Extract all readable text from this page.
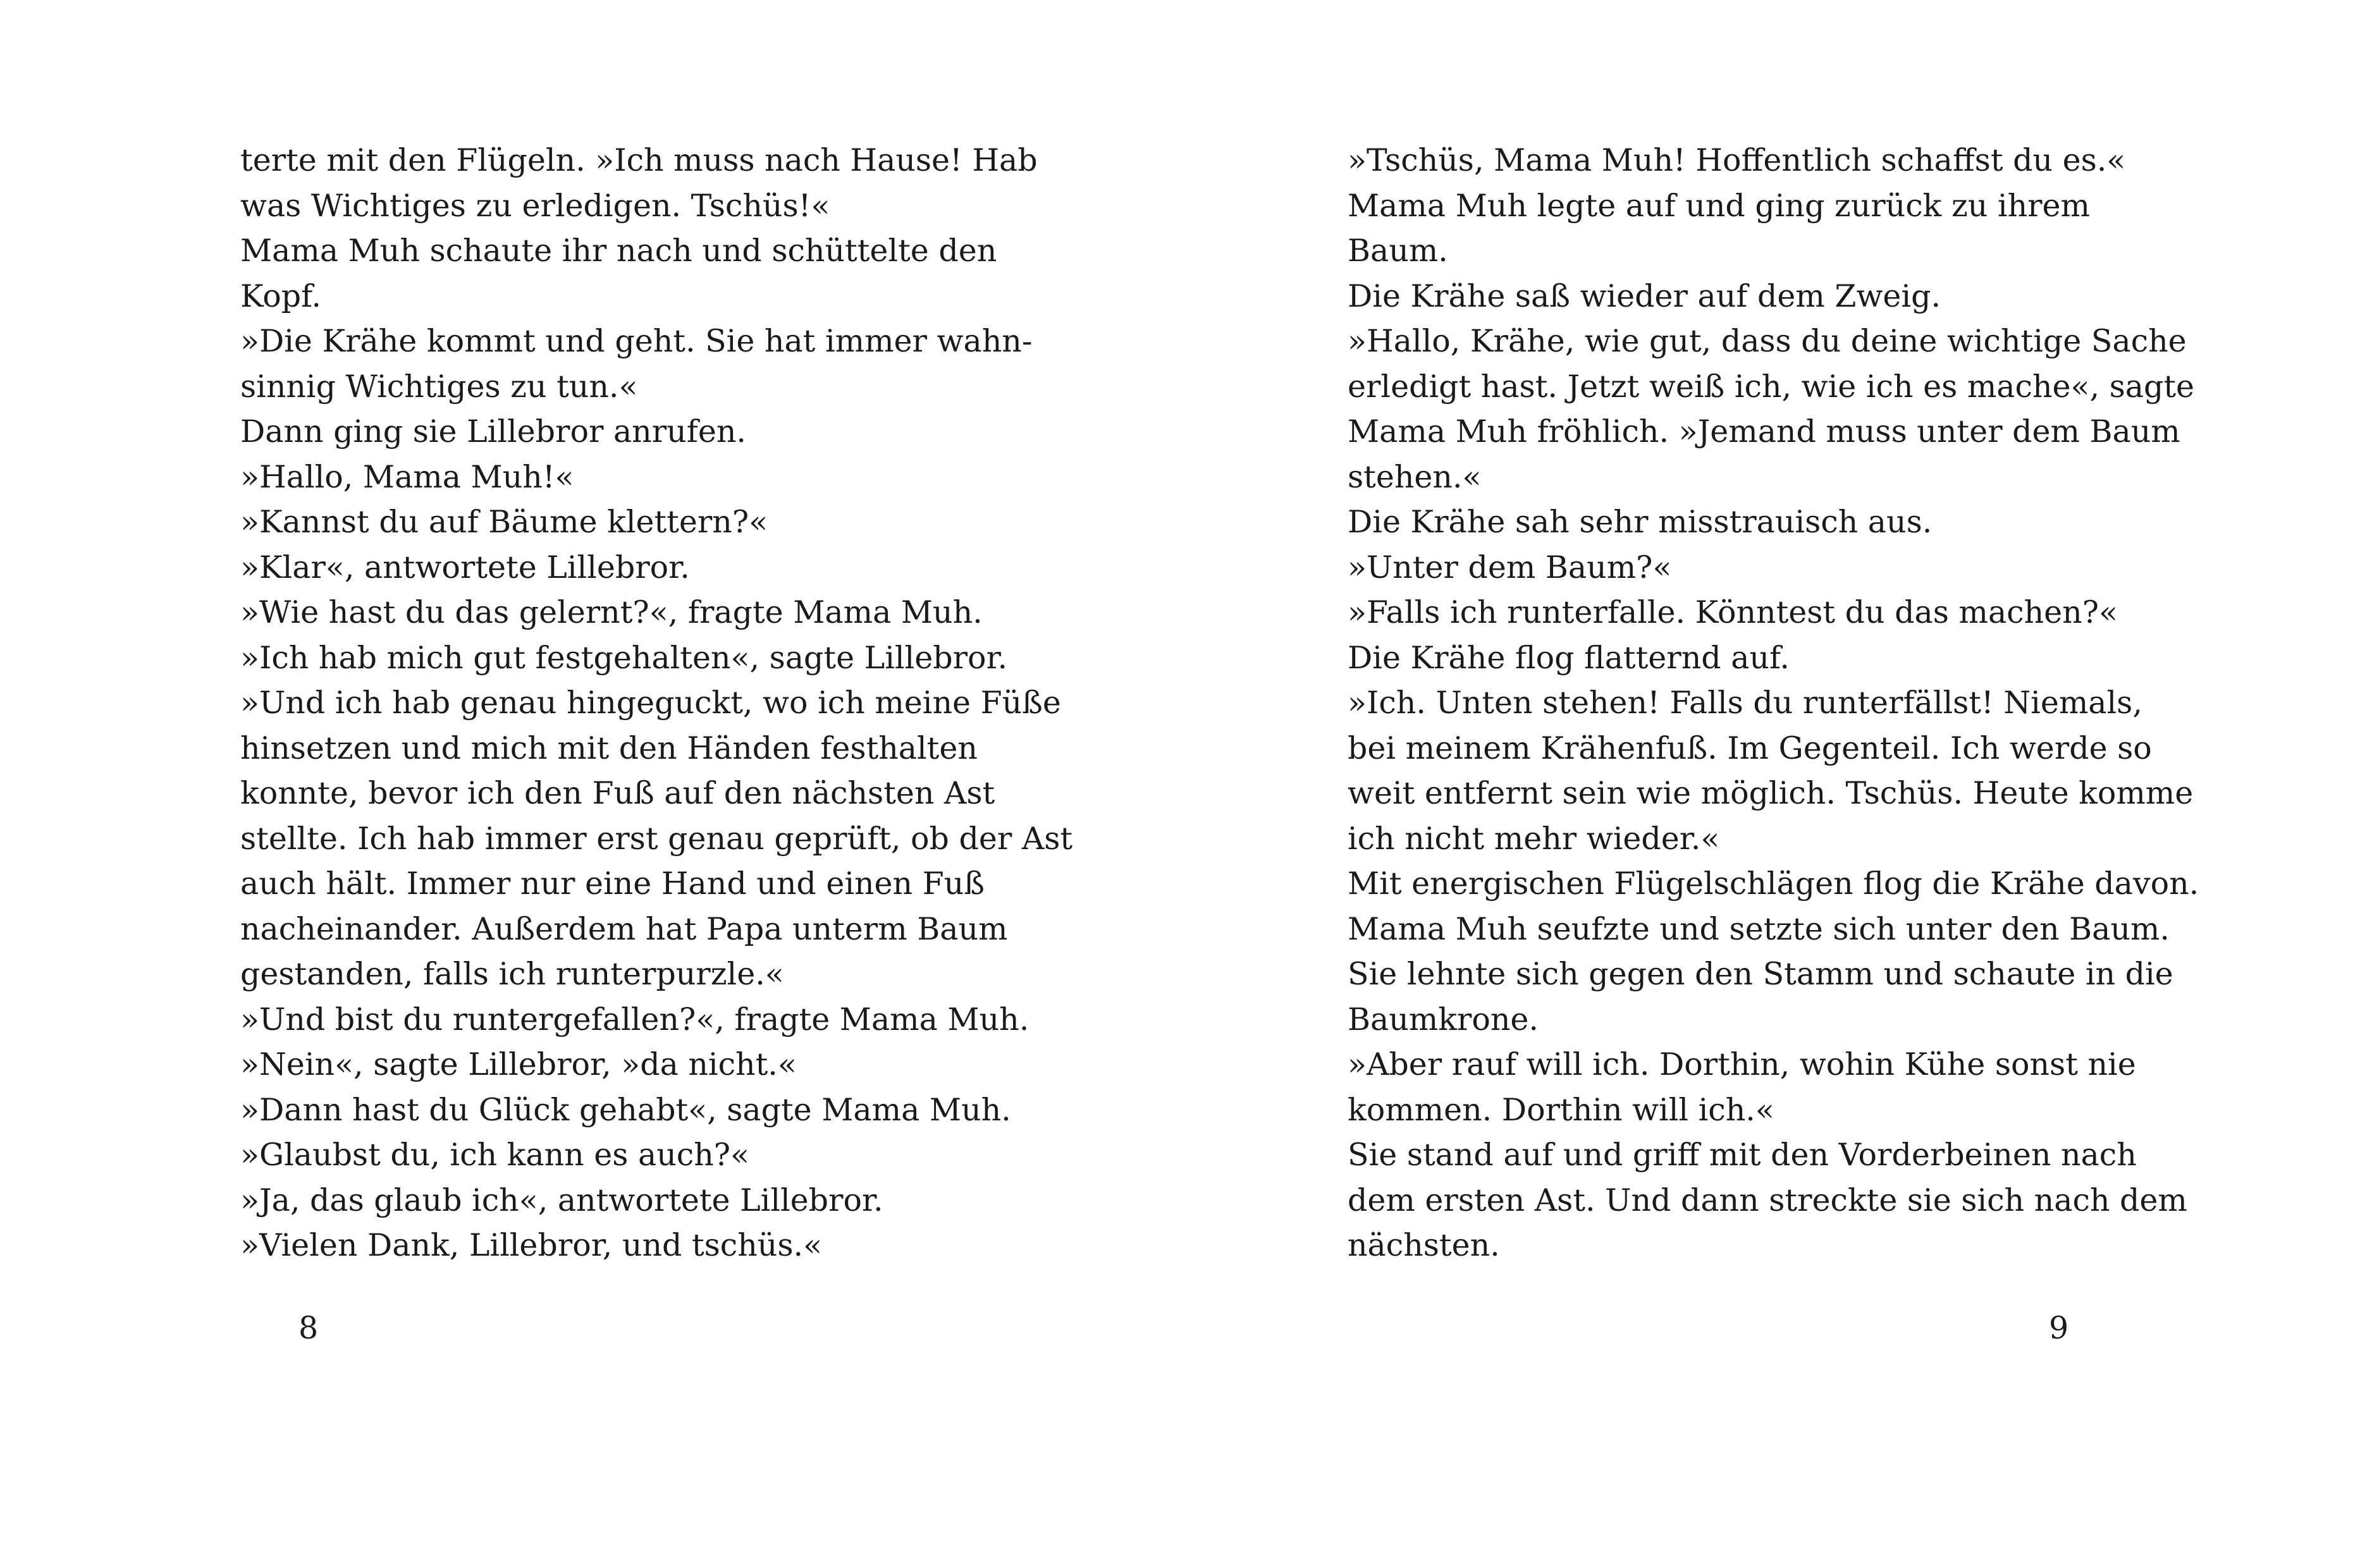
terte mit den Flügeln. »Ich muss nach Hause! Hab
was Wichtiges zu erledigen. Tschüs!«
Mama Muh schaute ihr nach und schüttelte den
Kopf.
»Die Krähe kommt und geht. Sie hat immer wahn-
sinnig Wichtiges zu tun.«
Dann ging sie Lillebror anrufen.
»Hallo, Mama Muh!«
»Kannst du auf Bäume klettern?«
»Klar«, antwortete Lillebror.
»Wie hast du das gelernt?«, fragte Mama Muh.
»Ich hab mich gut festgehalten«, sagte Lillebror.
»Und ich hab genau hingeguckt, wo ich meine Füße
hinsetzen und mich mit den Händen festhalten
konnte, bevor ich den Fuß auf den nächsten Ast
stellte. Ich hab immer erst genau geprüft, ob der Ast
auch hält. Immer nur eine Hand und einen Fuß
nacheinander. Außerdem hat Papa unterm Baum
gestanden, falls ich runterpurzle.«
»Und bist du runtergefallen?«, fragte Mama Muh.
»Nein«, sagte Lillebror, »da nicht.«
»Dann hast du Glück gehabt«, sagte Mama Muh.
»Glaubst du, ich kann es auch?«
»Ja, das glaub ich«, antwortete Lillebror.
»Vielen Dank, Lillebror, und tschüs.«
8
»Tschüs, Mama Muh! Hoffentlich schaffst du es.«
Mama Muh legte auf und ging zurück zu ihrem
Baum.
Die Krähe saß wieder auf dem Zweig.
»Hallo, Krähe, wie gut, dass du deine wichtige Sache
erledigt hast. Jetzt weiß ich, wie ich es mache«, sagte
Mama Muh fröhlich. »Jemand muss unter dem Baum
stehen.«
Die Krähe sah sehr misstrauisch aus.
»Unter dem Baum?«
»Falls ich runterfalle. Könntest du das machen?«
Die Krähe flog flatternd auf.
»Ich. Unten stehen! Falls du runterfällst! Niemals,
bei meinem Krähenfuß. Im Gegenteil. Ich werde so
weit entfernt sein wie möglich. Tschüs. Heute komme
ich nicht mehr wieder.«
Mit energischen Flügelschlägen flog die Krähe davon.
Mama Muh seufzte und setzte sich unter den Baum.
Sie lehnte sich gegen den Stamm und schaute in die
Baumkrone.
»Aber rauf will ich. Dorthin, wohin Kühe sonst nie
kommen. Dorthin will ich.«
Sie stand auf und griff mit den Vorderbeinen nach
dem ersten Ast. Und dann streckte sie sich nach dem
nächsten.
9
